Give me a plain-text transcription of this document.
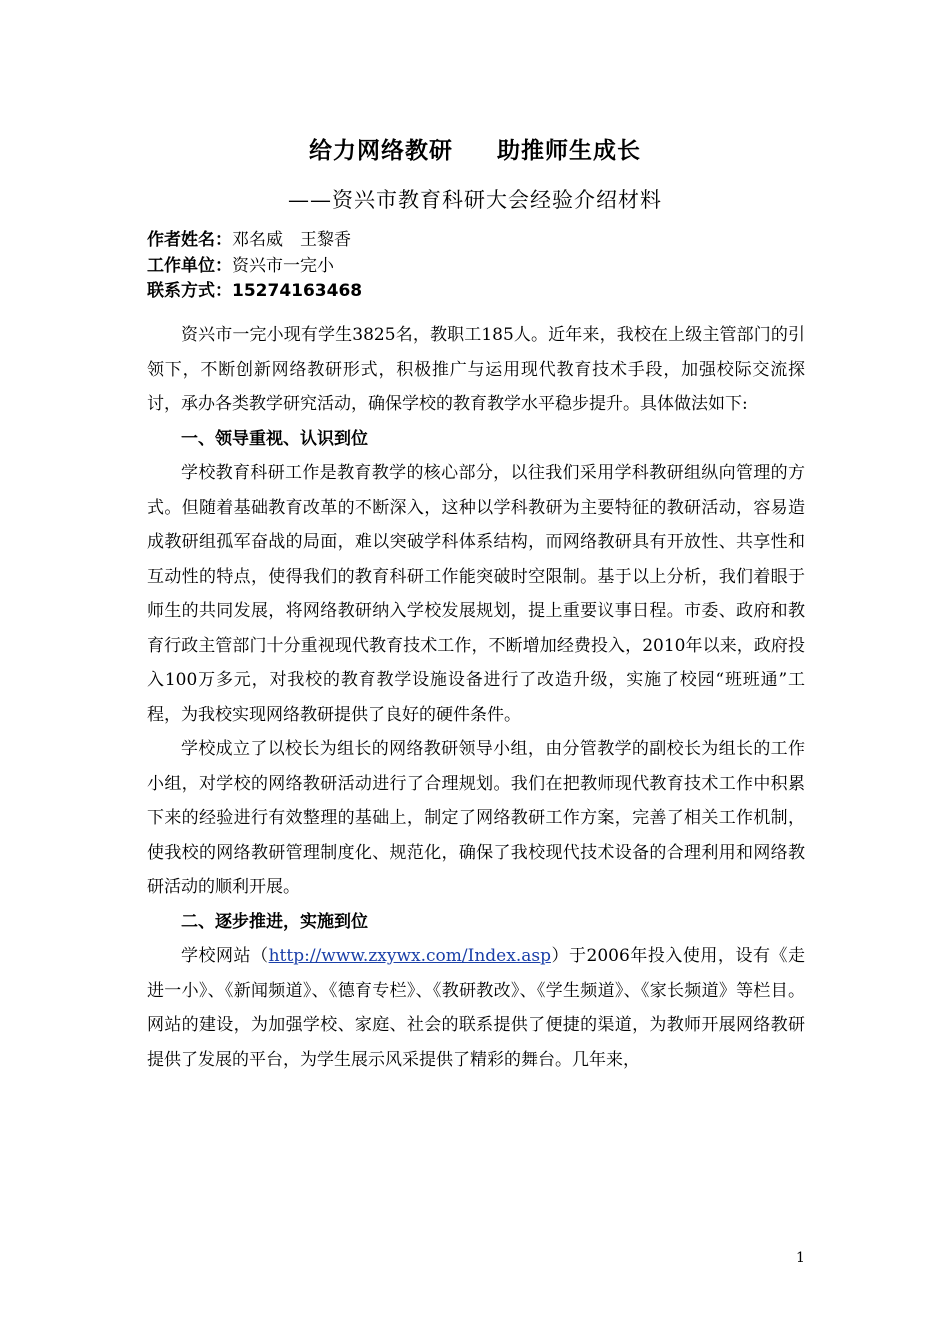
给力网络教研 助推师生成长
——资兴市教育科研大会经验介绍材料
作者姓名：邓名威　王黎香
工作单位：资兴市一完小
联系方式：15274163468

资兴市一完小现有学生3825名，教职工185人。近年来，我校在上级主管部门的引领下，不断创新网络教研形式，积极推广与运用现代教育技术手段，加强校际交流探讨，承办各类教学研究活动，确保学校的教育教学水平稳步提升。具体做法如下:

一、领导重视、认识到位

学校教育科研工作是教育教学的核心部分，以往我们采用学科教研组纵向管理的方式。但随着基础教育改革的不断深入，这种以学科教研为主要特征的教研活动，容易造成教研组孤军奋战的局面，难以突破学科体系结构，而网络教研具有开放性、共享性和互动性的特点，使得我们的教育科研工作能突破时空限制。基于以上分析，我们着眼于师生的共同发展，将网络教研纳入学校发展规划，提上重要议事日程。市委、政府和教育行政主管部门十分重视现代教育技术工作，不断增加经费投入，2010年以来，政府投入100万多元，对我校的教育教学设施设备进行了改造升级，实施了校园“班班通”工程，为我校实现网络教研提供了良好的硬件条件。

学校成立了以校长为组长的网络教研领导小组，由分管教学的副校长为组长的工作小组，对学校的网络教研活动进行了合理规划。我们在把教师现代教育技术工作中积累下来的经验进行有效整理的基础上，制定了网络教研工作方案，完善了相关工作机制，使我校的网络教研管理制度化、规范化，确保了我校现代技术设备的合理利用和网络教研活动的顺利开展。

二、逐步推进，实施到位

学校网站（http://www.zxywx.com/Index.asp）于2006年投入使用，设有《走进一小》、《新闻频道》、《德育专栏》、《教研教改》、《学生频道》、《家长频道》等栏目。网站的建设，为加强学校、家庭、社会的联系提供了便捷的渠道，为教师开展网络教研提供了发展的平台，为学生展示风采提供了精彩的舞台。几年来，

1
